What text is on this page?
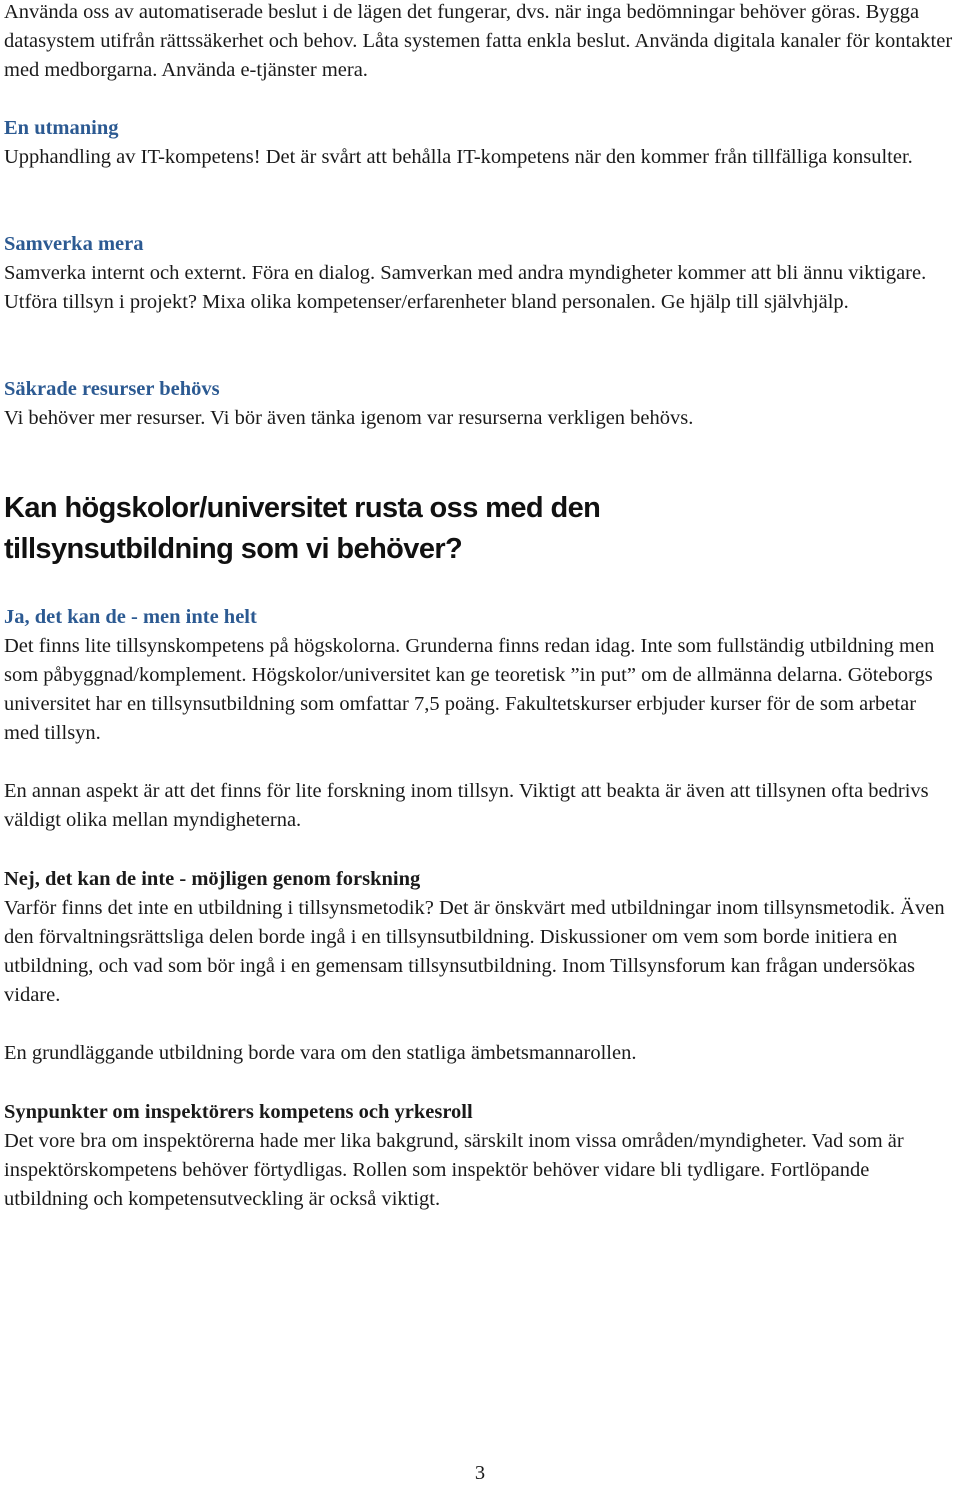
Använda oss av automatiserade beslut i de lägen det fungerar, dvs. när inga bedömningar behöver göras. Bygga datasystem utifrån rättssäkerhet och behov. Låta systemen fatta enkla beslut. Använda digitala kanaler för kontakter med medborgarna. Använda e-tjänster mera.

En utmaning

Upphandling av IT-kompetens! Det är svårt att behålla IT-kompetens när den kommer från tillfälliga konsulter.

Samverka mera

Samverka internt och externt. Föra en dialog. Samverkan med andra myndigheter kommer att bli ännu viktigare. Utföra tillsyn i projekt? Mixa olika kompetenser/erfarenheter bland personalen. Ge hjälp till självhjälp.

Säkrade resurser behövs

Vi behöver mer resurser. Vi bör även tänka igenom var resurserna verkligen behövs.

Kan högskolor/universitet rusta oss med den

tillsynsutbildning som vi behöver?

Ja, det kan de - men inte helt

Det finns lite tillsynskompetens på högskolorna. Grunderna finns redan idag. Inte som fullständig utbildning men som påbyggnad/komplement. Högskolor/universitet kan ge teoretisk ”in put” om de allmänna delarna. Göteborgs universitet har en tillsynsutbildning som omfattar 7,5 poäng. Fakultetskurser erbjuder kurser för de som arbetar med tillsyn.

En annan aspekt är att det finns för lite forskning inom tillsyn. Viktigt att beakta är även att tillsynen ofta bedrivs väldigt olika mellan myndigheterna.

Nej, det kan de inte - möjligen genom forskning

Varför finns det inte en utbildning i tillsynsmetodik? Det är önskvärt med utbildningar inom tillsynsmetodik. Även den förvaltningsrättsliga delen borde ingå i en tillsynsutbildning. Diskussioner om vem som borde initiera en utbildning, och vad som bör ingå i en gemensam tillsynsutbildning. Inom Tillsynsforum kan frågan undersökas vidare.

En grundläggande utbildning borde vara om den statliga ämbetsmannarollen.

Synpunkter om inspektörers kompetens och yrkesroll

Det vore bra om inspektörerna hade mer lika bakgrund, särskilt inom vissa områden/myndigheter. Vad som är inspektörskompetens behöver förtydligas. Rollen som inspektör behöver vidare bli tydligare. Fortlöpande utbildning och kompetensutveckling är också viktigt.

3
